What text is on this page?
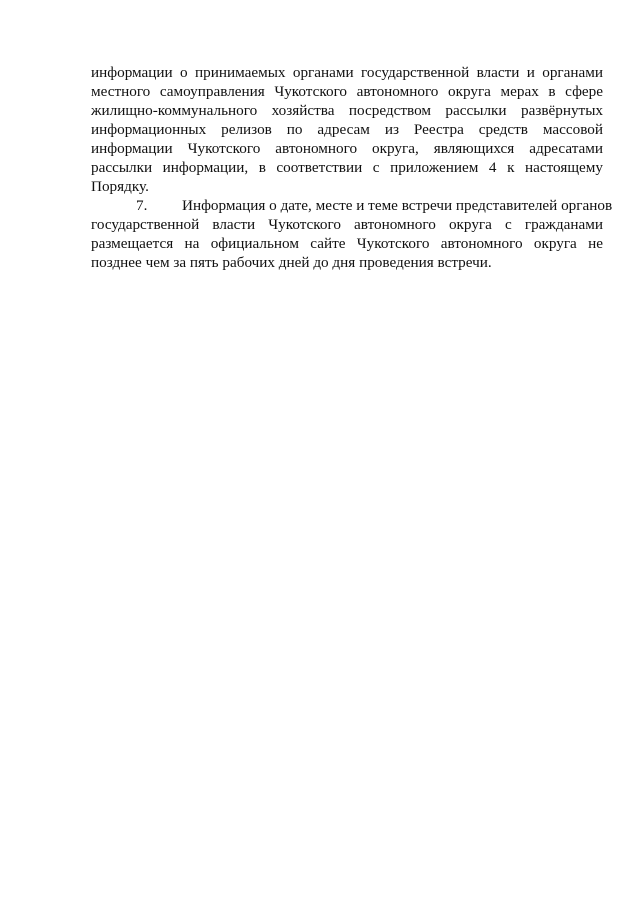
информации о принимаемых органами государственной власти и органами
местного самоуправления Чукотского автономного округа мерах в сфере
жилищно-коммунального хозяйства посредством рассылки развёрнутых
информационных релизов по адресам из Реестра средств массовой
информации Чукотского автономного округа, являющихся адресатами
рассылки информации, в соответствии с приложением 4 к настоящему
Порядку.
7.	Информация о дате, месте и теме встречи представителей органов
государственной власти Чукотского автономного округа с гражданами
размещается на официальном сайте Чукотского автономного округа не
позднее чем за пять рабочих дней до дня проведения встречи.
